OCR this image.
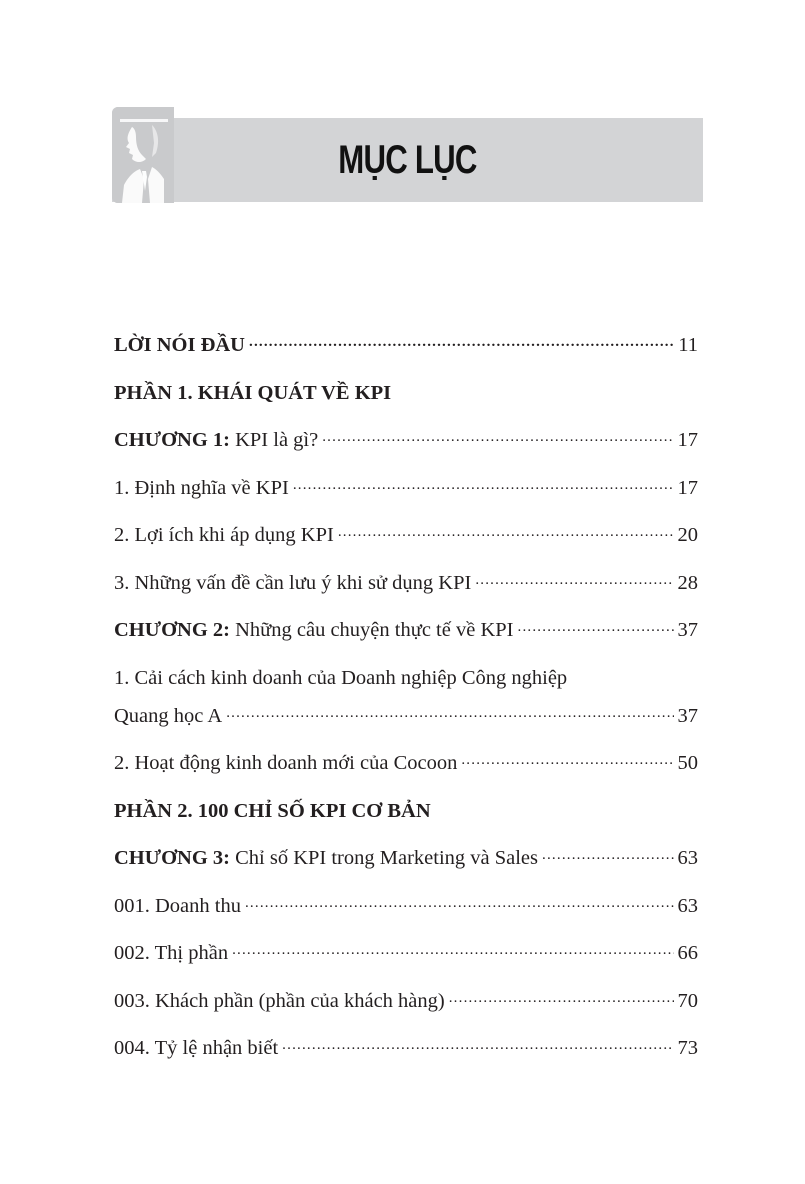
MỤC LỤC
LỜI NÓI ĐẦU .....	11
PHẦN 1. KHÁI QUÁT VỀ KPI
CHƯƠNG 1: KPI là gì? .....	17
1. Định nghĩa về KPI .....	17
2. Lợi ích khi áp dụng KPI .....	20
3. Những vấn đề cần lưu ý khi sử dụng KPI .....	28
CHƯƠNG 2: Những câu chuyện thực tế về KPI .....	37
1. Cải cách kinh doanh của Doanh nghiệp Công nghiệp
Quang học A .....	37
2. Hoạt động kinh doanh mới của Cocoon .....	50
PHẦN 2. 100 CHỈ SỐ KPI CƠ BẢN
CHƯƠNG 3: Chỉ số KPI trong Marketing và Sales .....	63
001. Doanh thu .....	63
002. Thị phần .....	66
003. Khách phần (phần của khách hàng) .....	70
004. Tỷ lệ nhận biết .....	73
